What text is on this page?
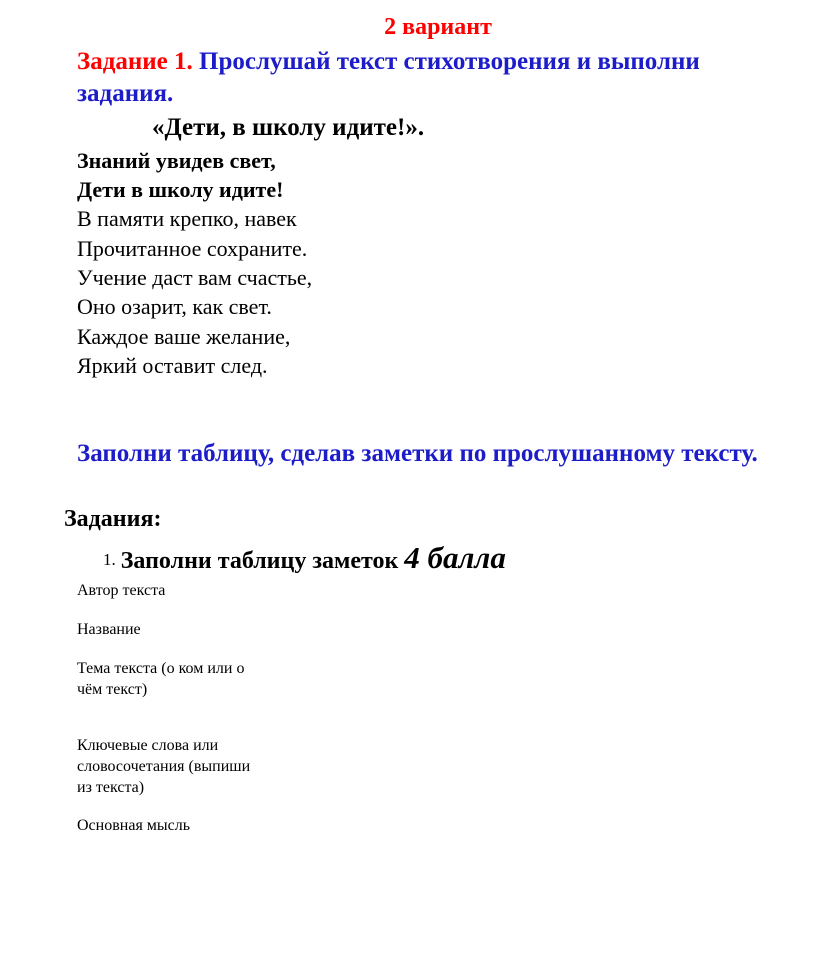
2 вариант
Задание 1. Прослушай текст стихотворения и выполни задания.
«Дети, в школу идите!».
Знаний увидев свет,
Дети в школу идите!
В памяти крепко, навек
Прочитанное сохраните.
Учение даст вам счастье,
Оно озарит, как свет.
Каждое ваше желание,
Яркий оставит след.
Заполни таблицу, сделав заметки по прослушанному тексту.
Задания:
1. Заполни таблицу заметок 4 балла
Автор текста
Название
Тема текста (о ком или о чём текст)
Ключевые слова или словосочетания (выпиши из текста)
Основная мысль
